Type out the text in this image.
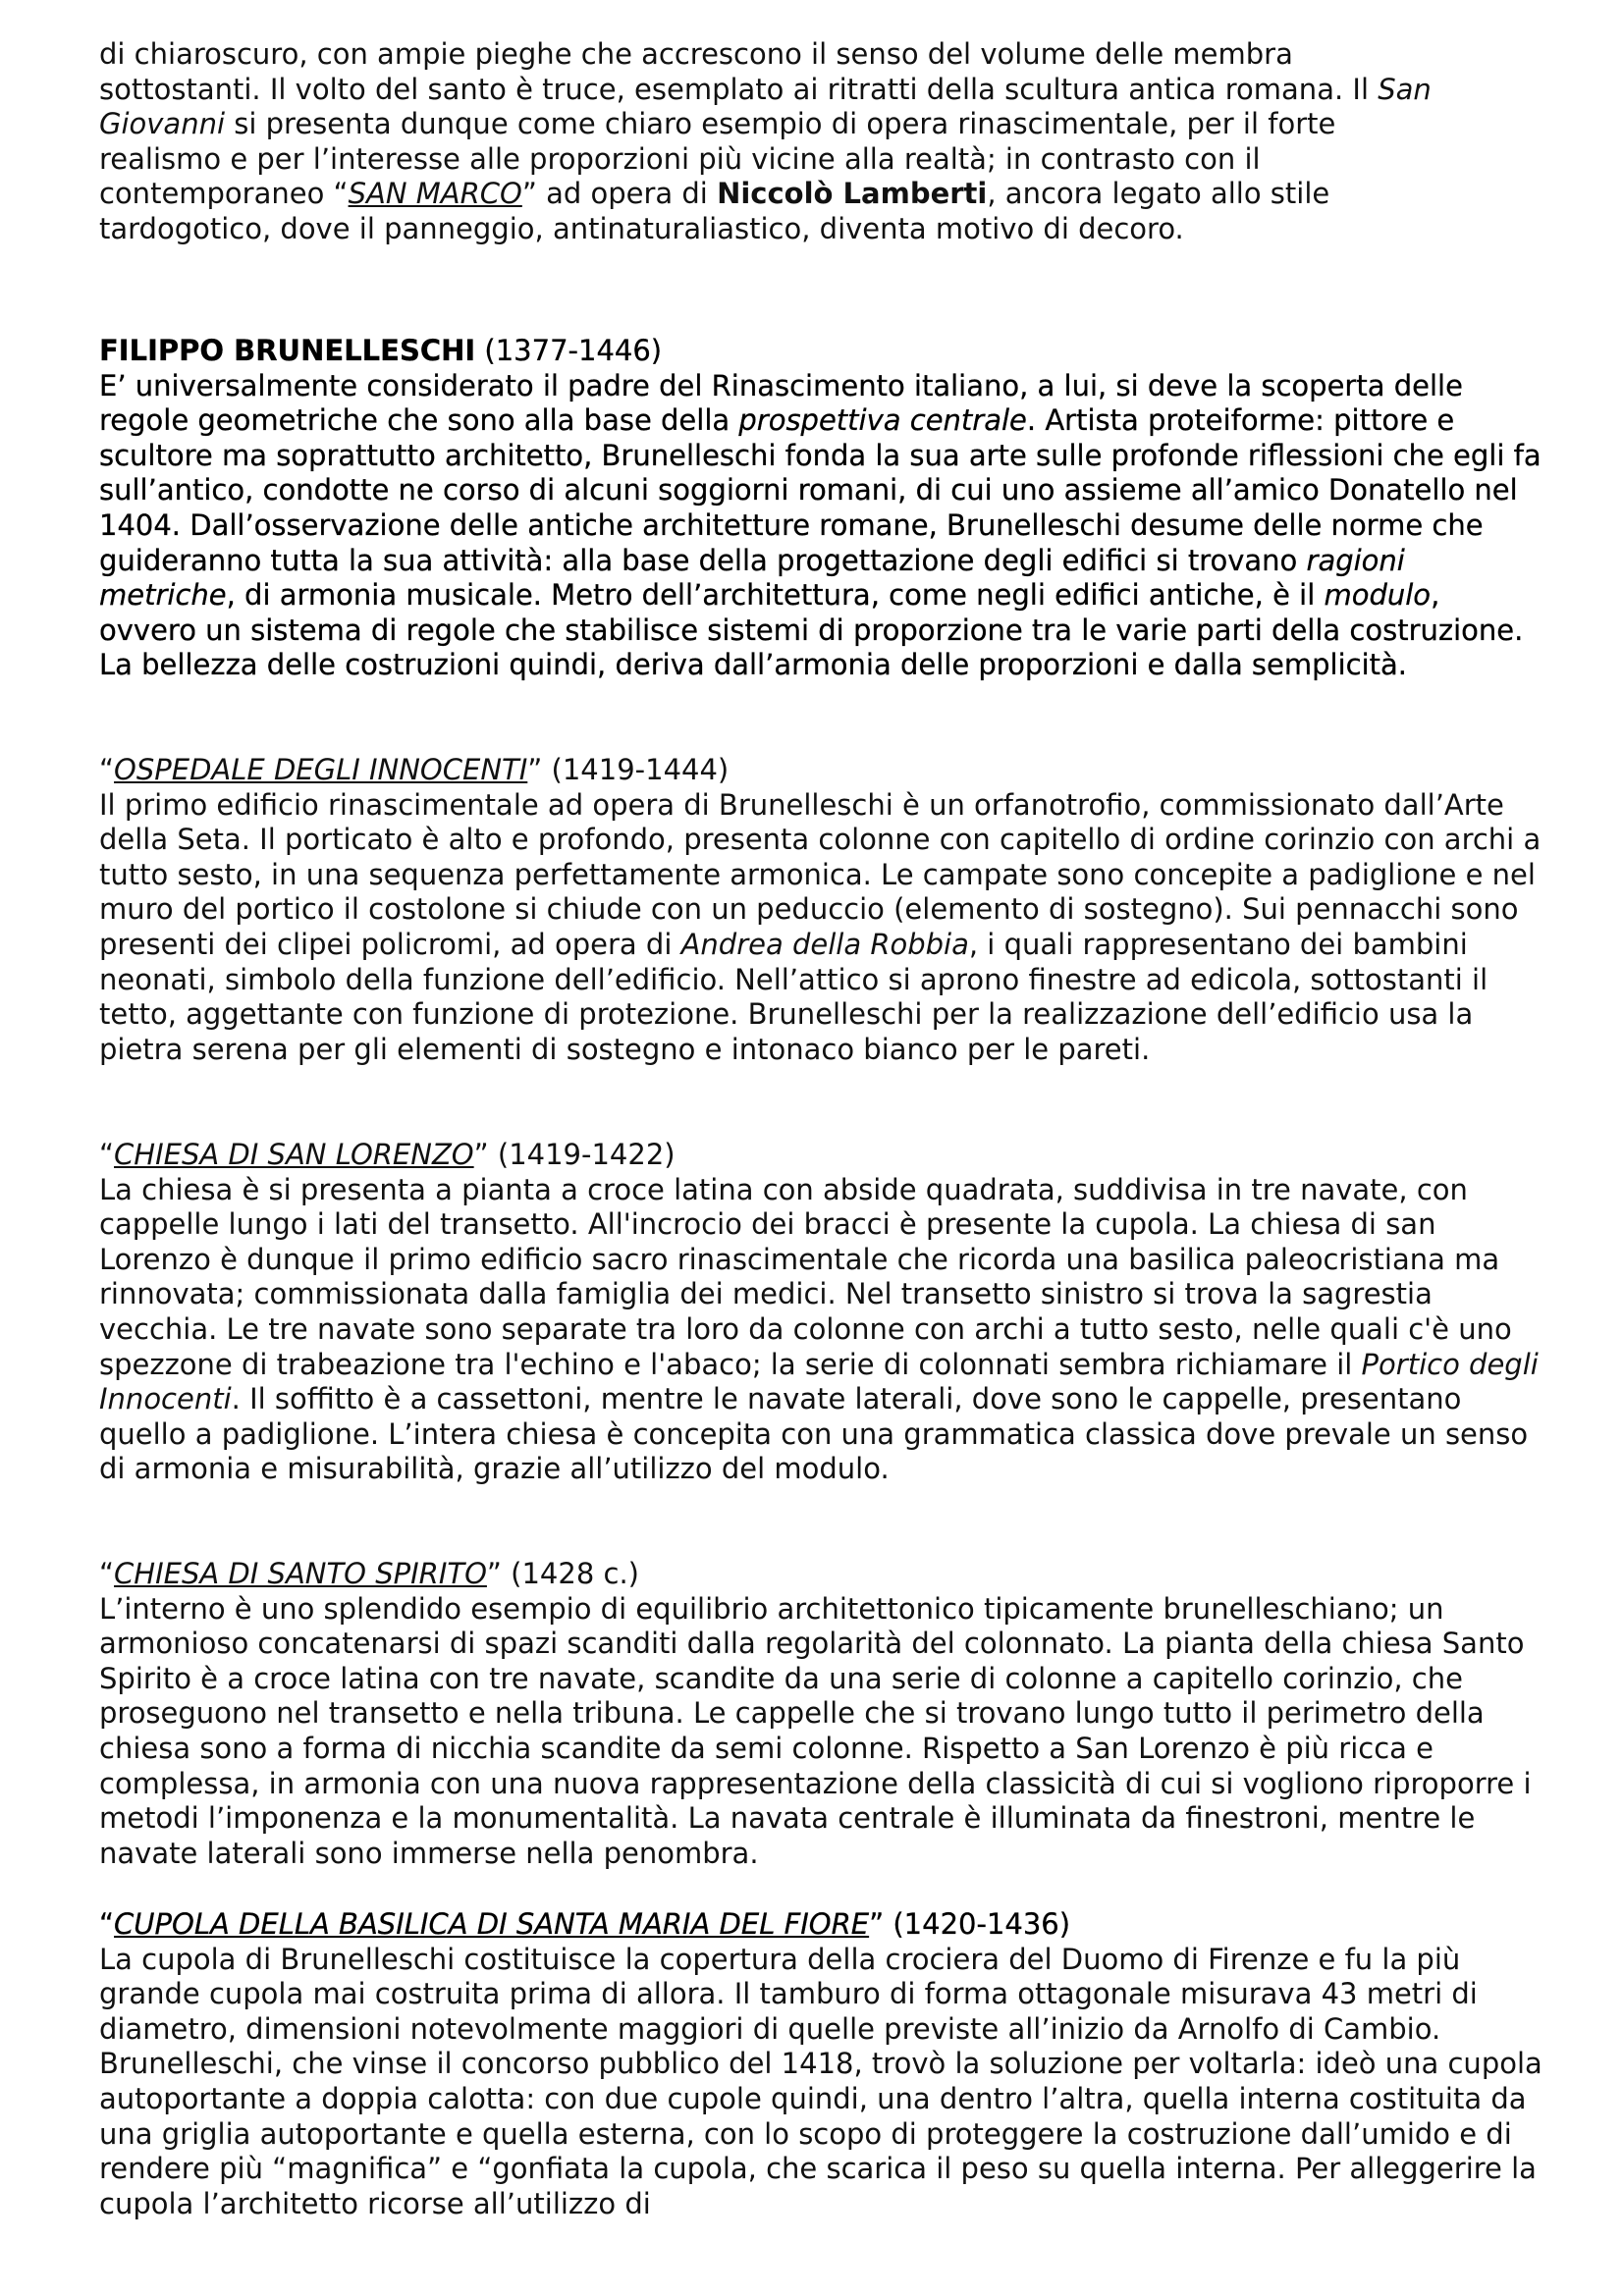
di chiaroscuro, con ampie pieghe che accrescono il senso del volume delle membra
sottostanti. Il volto del santo è truce, esemplato ai ritratti della scultura antica romana. Il San
Giovanni si presenta dunque come chiaro esempio di opera rinascimentale, per il forte
realismo e per l’interesse alle proporzioni più vicine alla realtà; in contrasto con il
contemporaneo “SAN MARCO” ad opera di Niccolò Lamberti, ancora legato allo stile
tardogotico, dove il panneggio, antinaturaliastico, diventa motivo di decoro.

FILIPPO BRUNELLESCHI (1377-1446)

E’ universalmente considerato il padre del Rinascimento italiano, a lui, si deve la scoperta delle regole geometriche che sono alla base della prospettiva centrale. Artista proteiforme: pittore e scultore ma soprattutto architetto, Brunelleschi fonda la sua arte sulle profonde riflessioni che egli fa sull’antico, condotte ne corso di alcuni soggiorni romani, di cui uno assieme all’amico Donatello nel 1404. Dall’osservazione delle antiche architetture romane, Brunelleschi desume delle norme che guideranno tutta la sua attività: alla base della progettazione degli edifici si trovano ragioni metriche, di armonia musicale. Metro dell’architettura, come negli edifici antiche, è il modulo, ovvero un sistema di regole che stabilisce sistemi di proporzione tra le varie parti della costruzione. La bellezza delle costruzioni quindi, deriva dall’armonia delle proporzioni e dalla semplicità.

“OSPEDALE DEGLI INNOCENTI” (1419-1444)

Il primo edificio rinascimentale ad opera di Brunelleschi è un orfanotrofio, commissionato dall’Arte della Seta. Il porticato è alto e profondo, presenta colonne con capitello di ordine corinzio con archi a tutto sesto, in una sequenza perfettamente armonica. Le campate sono concepite a padiglione e nel muro del portico il costolone si chiude con un peducciо (elemento di sostegno). Sui pennacchi sono presenti dei clipei policromi, ad opera di Andrea della Robbia, i quali rappresentano dei bambini neonati, simbolo della funzione dell’edificio. Nell’attico si aprono finestre ad edicola, sottostanti il tetto, aggettante con funzione di protezione. Brunelleschi per la realizzazione dell’edificio usa la pietra serena per gli elementi di sostegno e intonaco bianco per le pareti.

“CHIESA DI SAN LORENZO” (1419-1422)

La chiesa è si presenta a pianta a croce latina con abside quadrata, suddivisa in tre navate, con cappelle lungo i lati del transetto. All'incrocio dei bracci è presente la cupola. La chiesa di san Lorenzo è dunque il primo edificio sacro rinascimentale che ricorda una basilica paleocristiana ma rinnovata; commissionata dalla famiglia dei medici. Nel transetto sinistro si trova la sagrestia vecchia. Le tre navate sono separate tra loro da colonne con archi a tutto sesto, nelle quali c'è uno spezzone di trabeazione tra l'echino e l'abaco; la serie di colonnati sembra richiamare il Portico degli Innocenti. Il soffitto è a cassettoni, mentre le navate laterali, dove sono le cappelle, presentano quello a padiglione. L’intera chiesa è concepita con una grammatica classica dove prevale un senso di armonia e misurabilità, grazie all’utilizzo del modulo.

“CHIESA DI SANTO SPIRITO” (1428 c.)

L’interno è uno splendido esempio di equilibrio architettonico tipicamente brunelleschiano; un armonioso concatenarsi di spazi scanditi dalla regolarità del colonnato. La pianta della chiesa Santo Spirito è a croce latina con tre navate, scandite da una serie di colonne a capitello corinzio, che proseguono nel transetto e nella tribuna. Le cappelle che si trovano lungo tutto il perimetro della chiesa sono a forma di nicchia scandite da semi colonne. Rispetto a San Lorenzo è più ricca e complessa, in armonia con una nuova rappresentazione della classicità di cui si vogliono riproporre i metodi l’imponenza e la monumentalità. La navata centrale è illuminata da finestroni, mentre le navate laterali sono immerse nella penombra.

“CUPOLA DELLA BASILICA DI SANTA MARIA DEL FIORE” (1420-1436)

La cupola di Brunelleschi costituisce la copertura della crociera del Duomo di Firenze e fu la più grande cupola mai costruita prima di allora. Il tamburo di forma ottagonale misurava 43 metri di diametro, dimensioni notevolmente maggiori di quelle previste all’inizio da Arnolfo di Cambio. Brunelleschi, che vinse il concorso pubblico del 1418, trovò la soluzione per voltarla: ideò una cupola autoportante a doppia calotta: con due cupole quindi, una dentro l’altra, quella interna costituita da una griglia autoportante e quella esterna, con lo scopo di proteggere la costruzione dall’umido e di rendere più “magnifica” e “gonfiata la cupola, che scarica il peso su quella interna. Per alleggerire la cupola l’architetto ricorse all’utilizzo di
